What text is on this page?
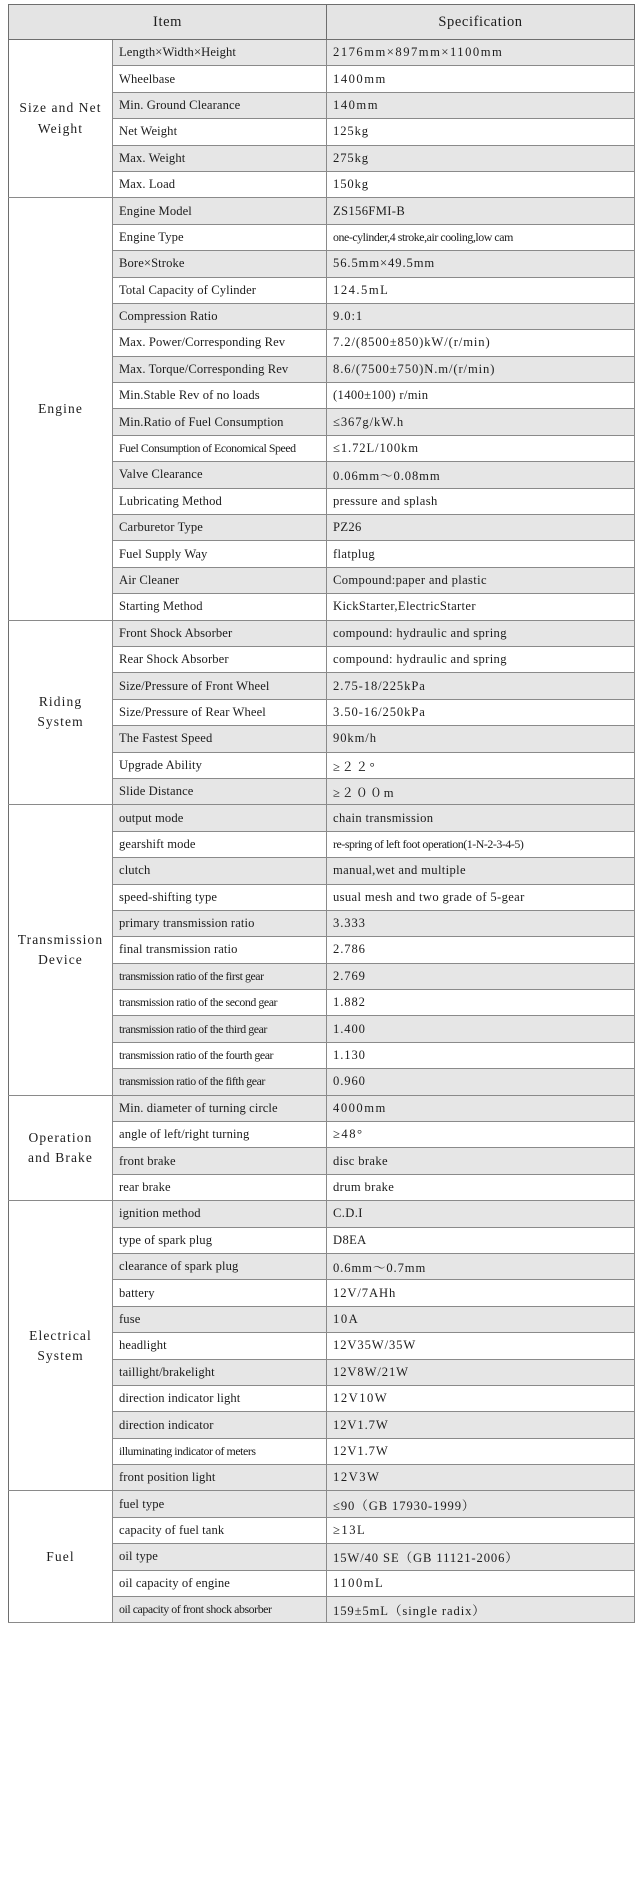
Item		Specification
Size and Net Weight	Length×Width×Height	2176mm×897mm×1100mm
	Wheelbase	1400mm
	Min. Ground Clearance	140mm
	Net Weight	125kg
	Max. Weight	275kg
	Max. Load	150kg
Engine	Engine Model	ZS156FMI-B
	Engine Type	one-cylinder,4 stroke,air cooling,low cam
	Bore×Stroke	56.5mm×49.5mm
	Total Capacity of Cylinder	124.5mL
	Compression Ratio	9.0:1
	Max. Power/Corresponding Rev	7.2/(8500±850)kW/(r/min)
	Max. Torque/Corresponding Rev	8.6/(7500±750)N.m/(r/min)
	Min.Stable Rev of no loads	(1400±100) r/min
	Min.Ratio of Fuel Consumption	≤367g/kW.h
	Fuel Consumption of Economical Speed	≤1.72L/100km
	Valve Clearance	0.06mm～0.08mm
	Lubricating Method	pressure and splash
	Carburetor Type	PZ26
	Fuel Supply Way	flatplug
	Air Cleaner	Compound:paper and plastic
	Starting Method	KickStarter,ElectricStarter
Riding System	Front Shock Absorber	compound: hydraulic and spring
	Rear Shock Absorber	compound: hydraulic and spring
	Size/Pressure of Front Wheel	2.75-18/225kPa
	Size/Pressure of Rear Wheel	3.50-16/250kPa
	The Fastest Speed	90km/h
	Upgrade Ability	≥２２°
	Slide Distance	≥２００m
Transmission Device	output mode	chain transmission
	gearshift mode	re-spring of left foot operation(1-N-2-3-4-5)
	clutch	manual,wet and multiple
	speed-shifting type	usual mesh and two grade of 5-gear
	primary transmission ratio	3.333
	final transmission ratio	2.786
	transmission ratio of the first gear	2.769
	transmission ratio of the second gear	1.882
	transmission ratio of the third gear	1.400
	transmission ratio of the fourth gear	1.130
	transmission ratio of the fifth gear	0.960
Operation and Brake	Min. diameter of turning circle	4000mm
	angle of left/right turning	≥48°
	front brake	disc brake
	rear brake	drum brake
Electrical System	ignition method	C.D.I
	type of spark plug	D8EA
	clearance of spark plug	0.6mm～0.7mm
	battery	12V/7AHh
	fuse	10A
	headlight	12V35W/35W
	taillight/brakelight	12V8W/21W
	direction indicator light	12V10W
	direction indicator	12V1.7W
	illuminating indicator of meters	12V1.7W
	front position light	12V3W
Fuel	fuel type	≤90（GB 17930-1999）
	capacity of fuel tank	≥13L
	oil type	15W/40 SE（GB 11121-2006）
	oil capacity of engine	1100mL
	oil capacity of front shock absorber	159±5mL（single radix）
